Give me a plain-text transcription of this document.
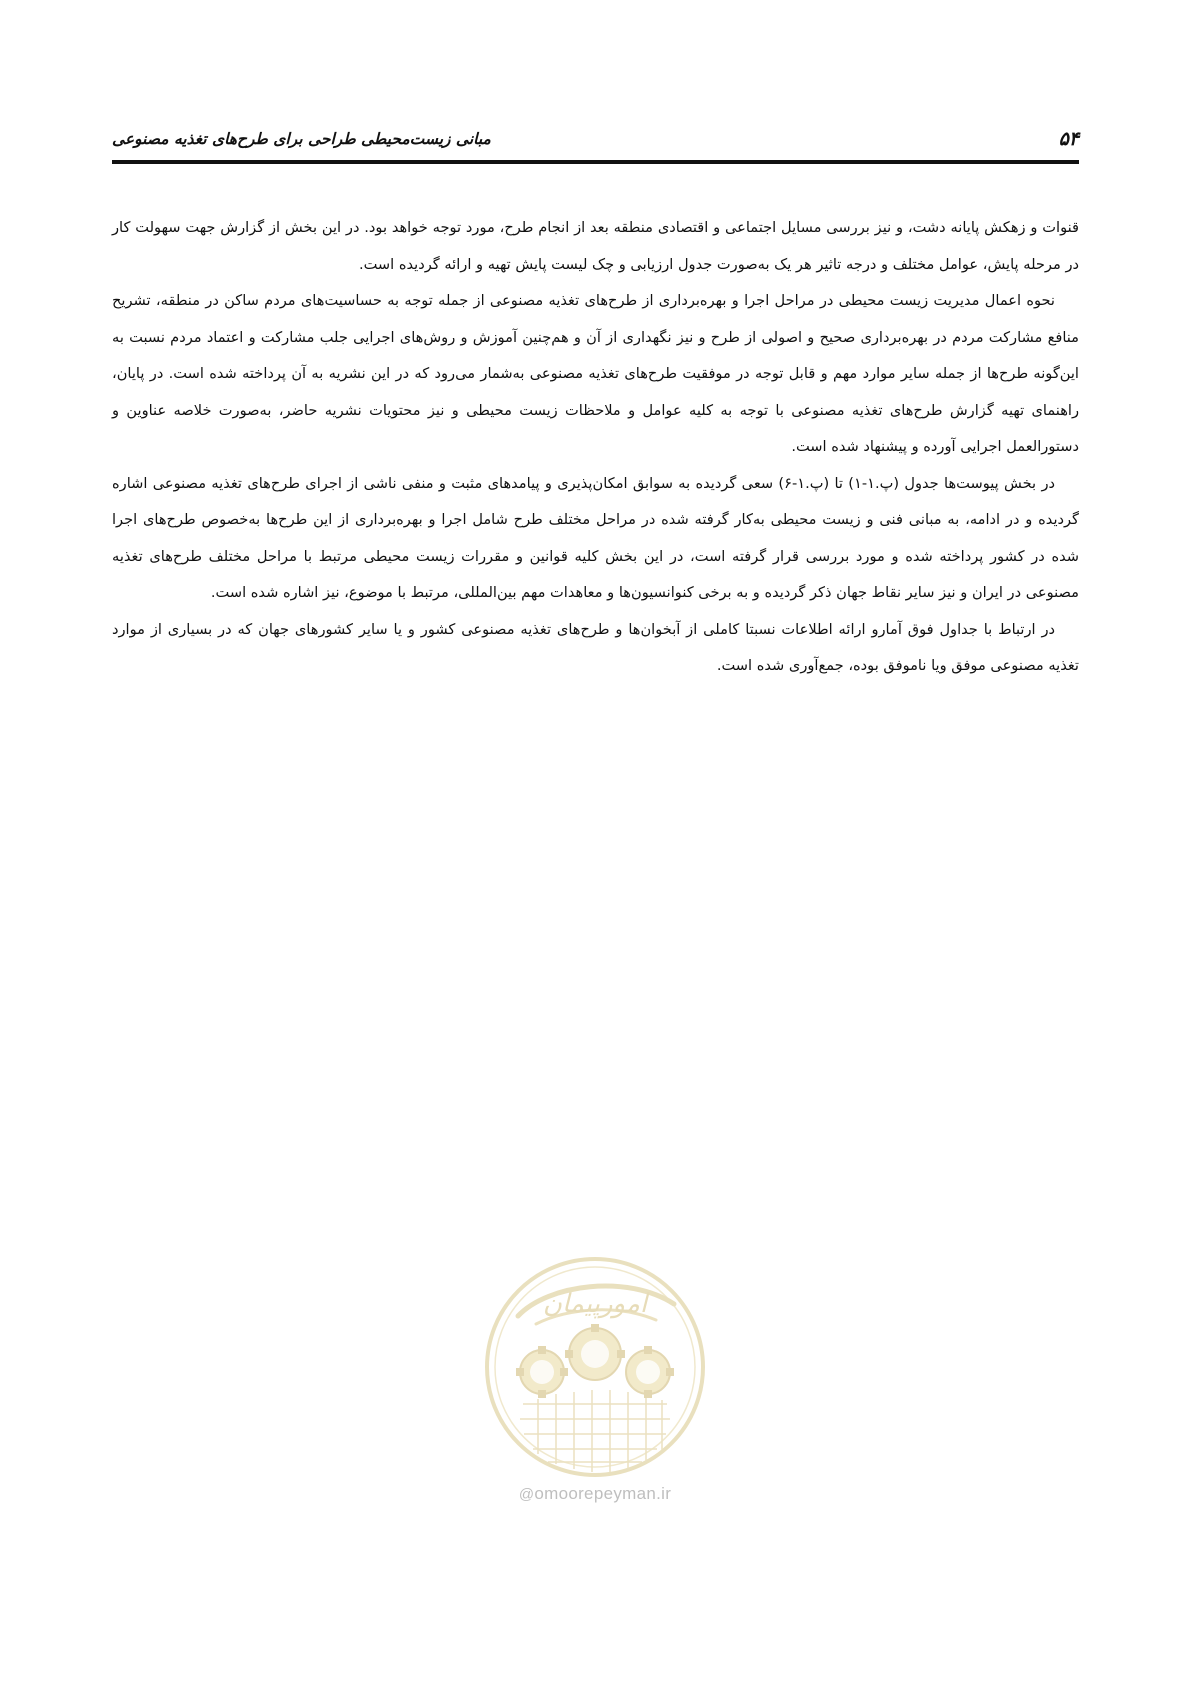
۵۴
مبانی زیست‌محیطی طراحی برای طرح‌های تغذیه مصنوعی

قنوات و زهکش پایانه دشت، و نیز بررسی مسایل اجتماعی و اقتصادی منطقه بعد از انجام طرح، مورد توجه خواهد بود. در این بخش از گزارش جهت سهولت کار در مرحله پایش، عوامل مختلف و درجه تاثیر هر یک به‌صورت جدول ارزیابی و چک لیست پایش تهیه و ارائه گردیده است.

نحوه اعمال مدیریت زیست محیطی در مراحل اجرا و بهره‌برداری از طرح‌های تغذیه مصنوعی از جمله توجه به حساسیت‌های مردم ساکن در منطقه، تشریح منافع مشارکت مردم در بهره‌برداری صحیح و اصولی از طرح و نیز نگهداری از آن و هم‌چنین آموزش و روش‌های اجرایی جلب مشارکت و اعتماد مردم نسبت به این‌گونه طرح‌ها از جمله سایر موارد مهم و قابل توجه در موفقیت طرح‌های تغذیه مصنوعی به‌شمار می‌رود که در این نشریه به آن پرداخته شده است. در پایان، راهنمای تهیه گزارش طرح‌های تغذیه مصنوعی با توجه به کلیه عوامل و ملاحظات زیست محیطی و نیز محتویات نشریه حاضر، به‌صورت خلاصه عناوین و دستورالعمل اجرایی آورده و پیشنهاد شده است.

در بخش پیوست‌ها جدول (پ.۱-۱) تا (پ.۱-۶) سعی گردیده به سوابق امکان‌پذیری و پیامدهای مثبت و منفی ناشی از اجرای طرح‌های تغذیه مصنوعی اشاره گردیده و در ادامه، به مبانی فنی و زیست محیطی به‌کار گرفته شده در مراحل مختلف طرح شامل اجرا و بهره‌برداری از این طرح‌ها به‌خصوص طرح‌های اجرا شده در کشور پرداخته شده و مورد بررسی قرار گرفته است، در این بخش کلیه قوانین و مقررات زیست محیطی مرتبط با مراحل مختلف طرح‌های تغذیه مصنوعی در ایران و نیز سایر نقاط جهان ذکر گردیده و به برخی کنوانسیون‌ها و معاهدات مهم بین‌المللی، مرتبط با موضوع، نیز اشاره شده است.

در ارتباط با جداول فوق آمارو ارائه اطلاعات نسبتا کاملی از آبخوان‌ها و طرح‌های تغذیه مصنوعی کشور و یا سایر کشورهای جهان که در بسیاری از موارد تغذیه مصنوعی موفق ویا ناموفق بوده، جمع‌آوری شده است.

امورپیمان
@omoorepeyman.ir
